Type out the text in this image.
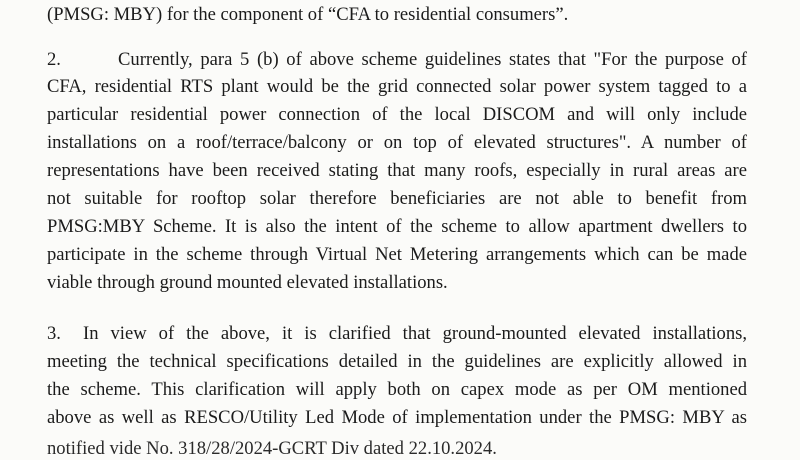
(PMSG: MBY) for the component of “CFA to residential consumers”.
2.	Currently, para 5 (b) of above scheme guidelines states that "For the purpose of
CFA, residential RTS plant would be the grid connected solar power system tagged to a
particular residential power connection of the local DISCOM and will only include
installations on a roof/terrace/balcony or on top of elevated structures". A number of
representations have been received stating that many roofs, especially in rural areas are
not suitable for rooftop solar therefore beneficiaries are not able to benefit from
PMSG:MBY Scheme. It is also the intent of the scheme to allow apartment dwellers to
participate in the scheme through Virtual Net Metering arrangements which can be made
viable through ground mounted elevated installations.
3. In view of the above, it is clarified that ground-mounted elevated installations,
meeting the technical specifications detailed in the guidelines are explicitly allowed in
the scheme. This clarification will apply both on capex mode as per OM mentioned
above as well as RESCO/Utility Led Mode of implementation under the PMSG: MBY as
notified vide No. 318/28/2024-GCRT Div dated 22.10.2024.
